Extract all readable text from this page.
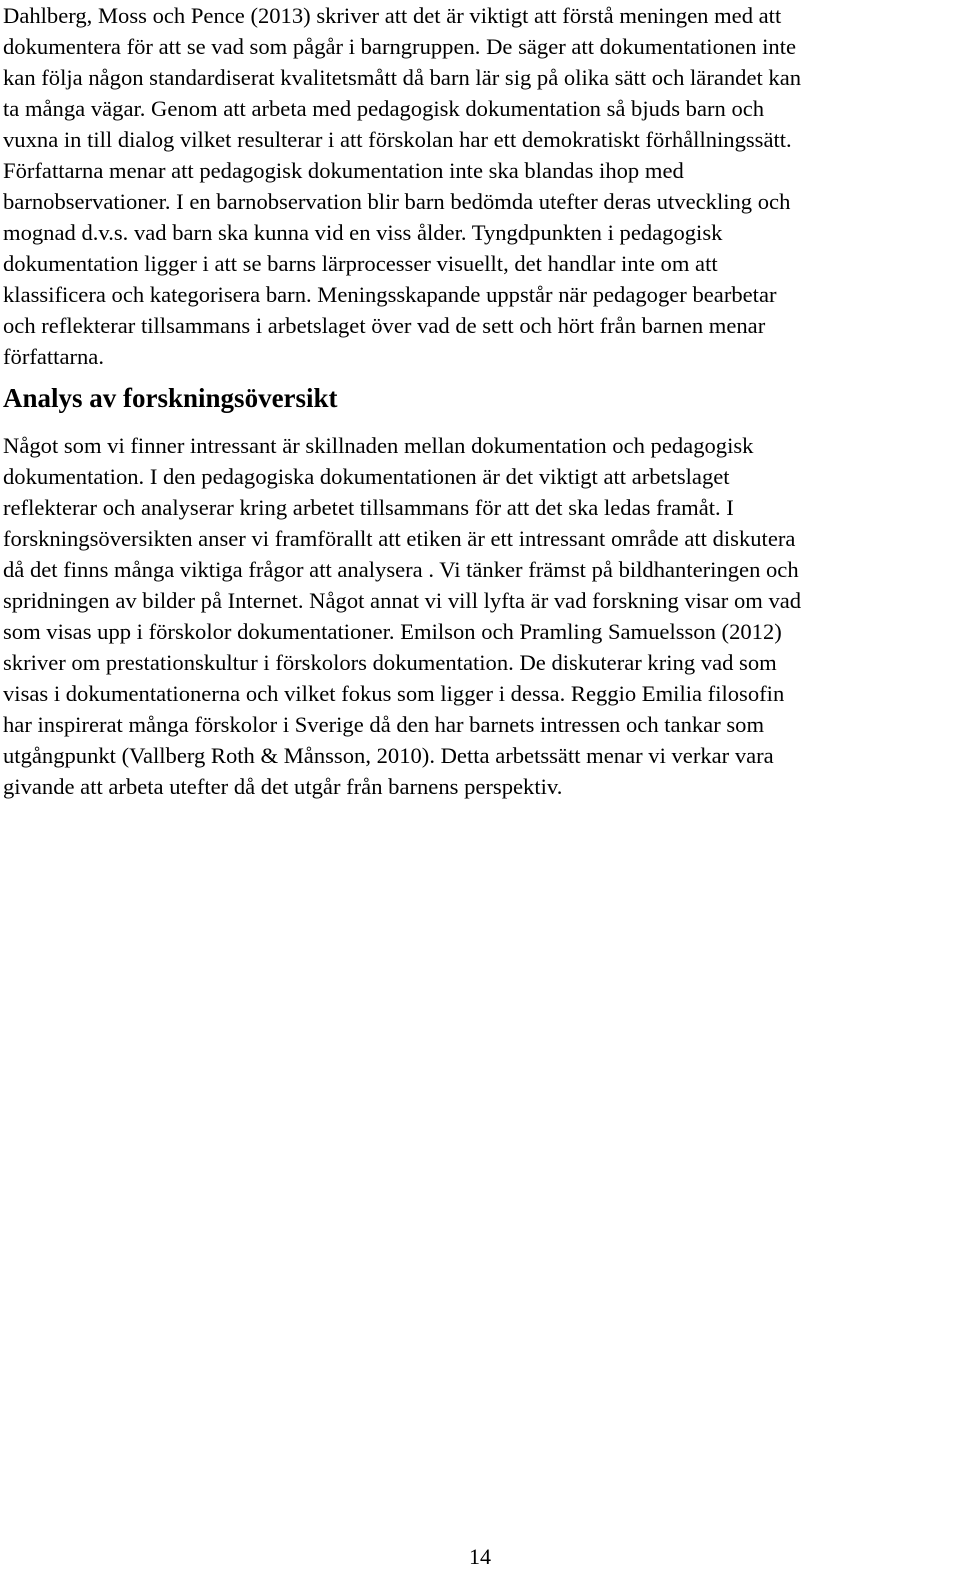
Dahlberg, Moss och Pence (2013) skriver att det är viktigt att förstå meningen med att
dokumentera för att se vad som pågår i barngruppen. De säger att dokumentationen inte
kan följa någon standardiserat kvalitetsmått då barn lär sig på olika sätt och lärandet kan
ta många vägar. Genom att arbeta med pedagogisk dokumentation så bjuds barn och
vuxna in till dialog vilket resulterar i att förskolan har ett demokratiskt förhållningssätt.
Författarna menar att pedagogisk dokumentation inte ska blandas ihop med
barnobservationer. I en barnobservation blir barn bedömda utefter deras utveckling och
mognad d.v.s. vad barn ska kunna vid en viss ålder. Tyngdpunkten i pedagogisk
dokumentation ligger i att se barns lärprocesser visuellt, det handlar inte om att
klassificera och kategorisera barn. Meningsskapande uppstår när pedagoger bearbetar
och reflekterar tillsammans i arbetslaget över vad de sett och hört från barnen menar
författarna.

Analys av forskningsöversikt

Något som vi finner intressant är skillnaden mellan dokumentation och pedagogisk
dokumentation. I den pedagogiska dokumentationen är det viktigt att arbetslaget
reflekterar och analyserar kring arbetet tillsammans för att det ska ledas framåt. I
forskningsöversikten anser vi framförallt att etiken är ett intressant område att diskutera
då det finns många viktiga frågor att analysera . Vi tänker främst på bildhanteringen och
spridningen av bilder på Internet. Något annat vi vill lyfta är vad forskning visar om vad
som visas upp i förskolor dokumentationer. Emilson och Pramling Samuelsson (2012)
skriver om prestationskultur i förskolors dokumentation. De diskuterar kring vad som
visas i dokumentationerna och vilket fokus som ligger i dessa. Reggio Emilia filosofin
har inspirerat många förskolor i Sverige då den har barnets intressen och tankar som
utgångpunkt (Vallberg Roth & Månsson, 2010). Detta arbetssätt menar vi verkar vara
givande att arbeta utefter då det utgår från barnens perspektiv.

14
